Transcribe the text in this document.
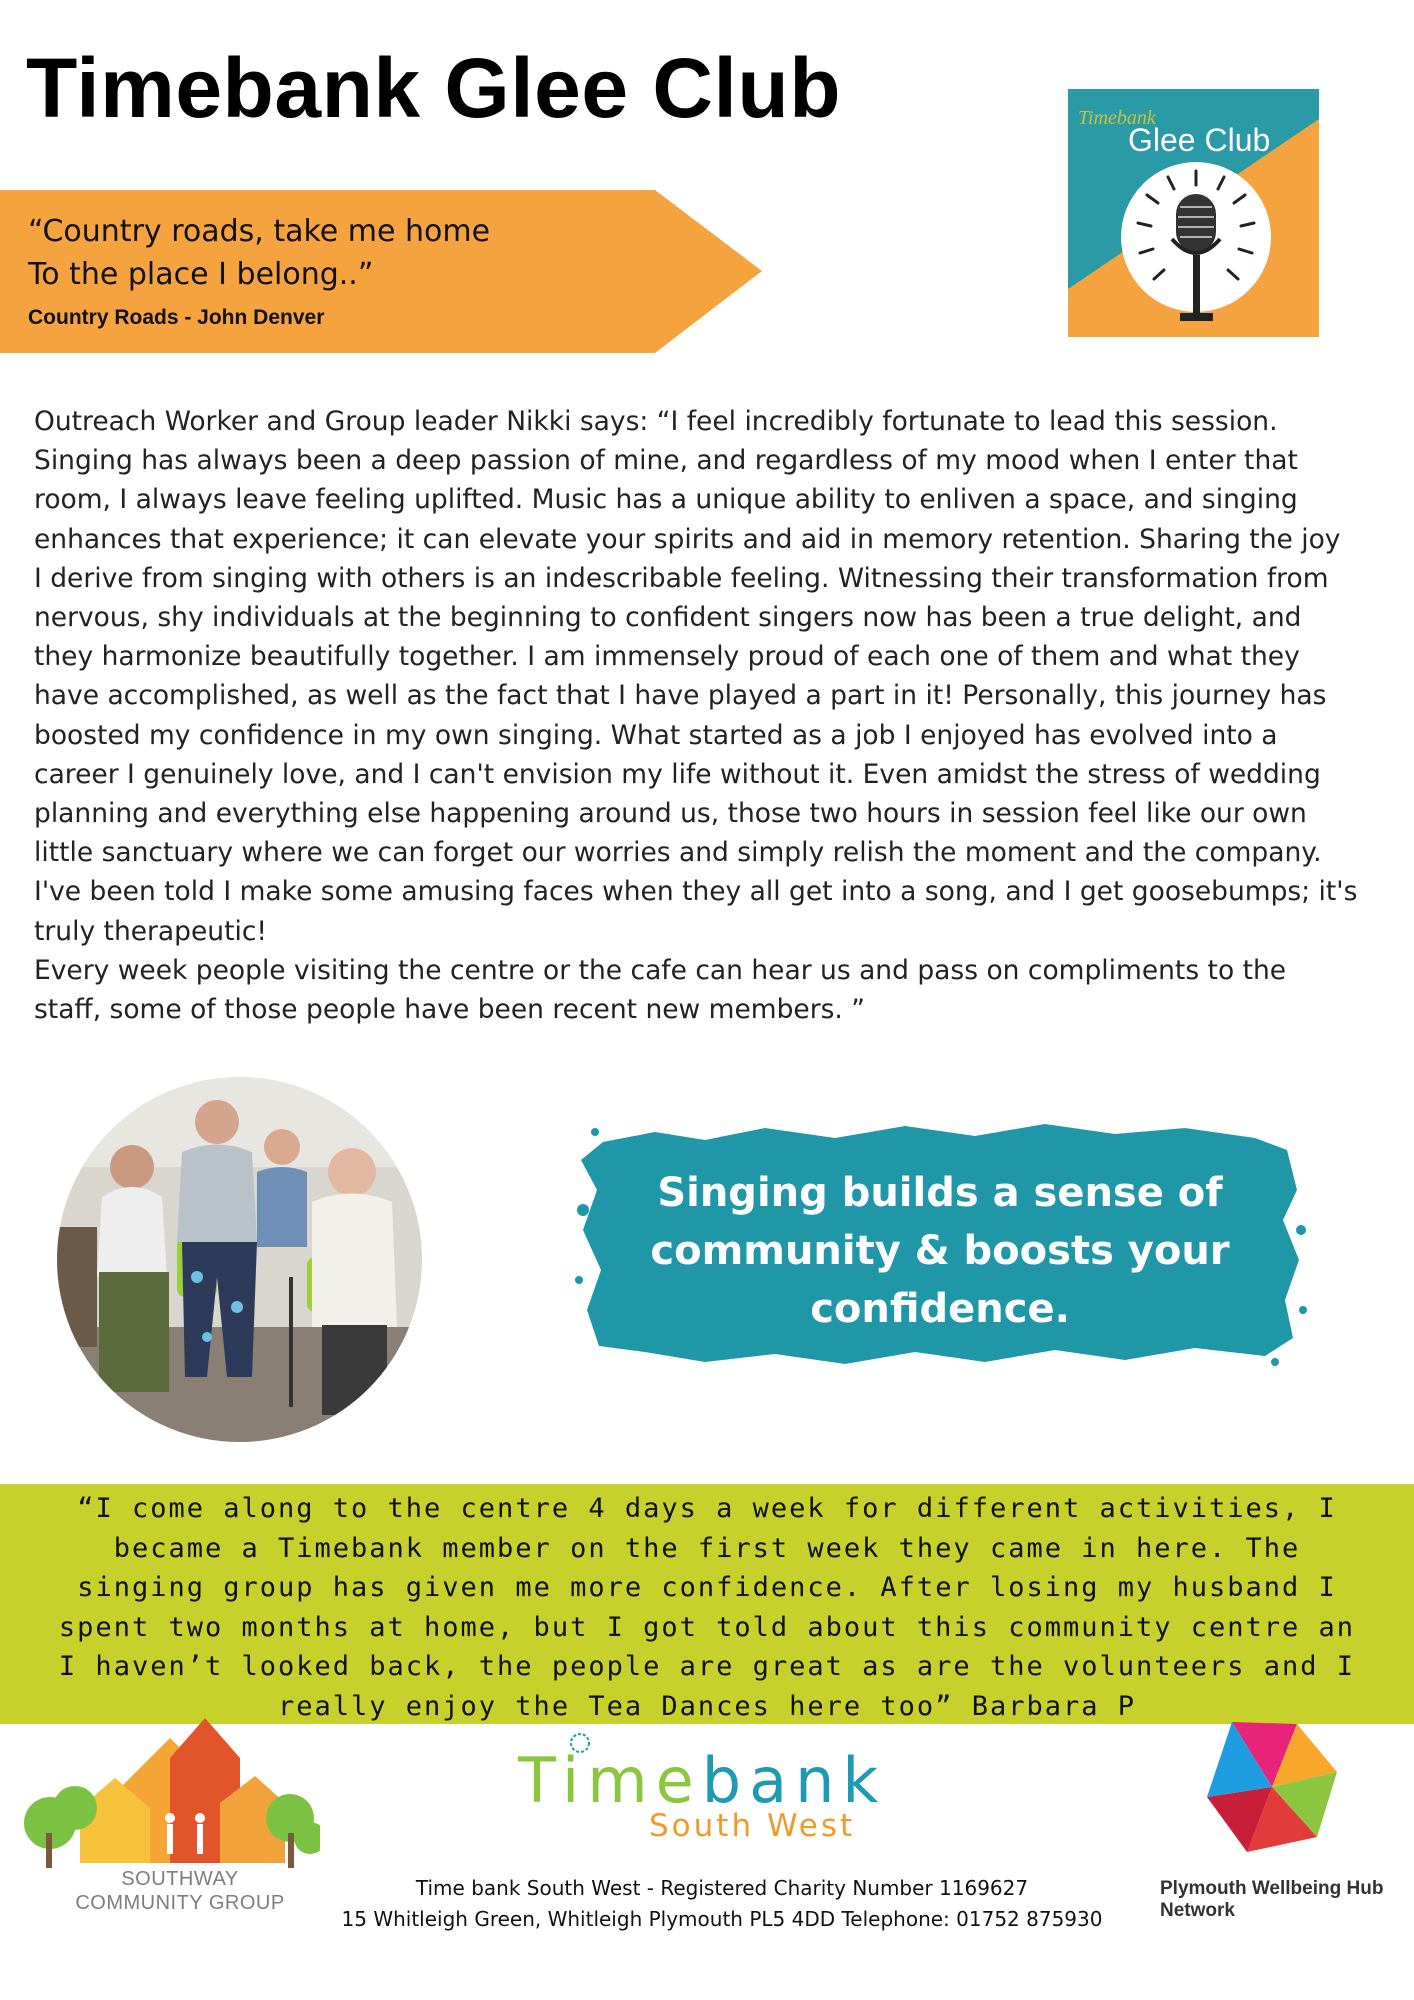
Timebank Glee Club
“Country roads, take me home
To the place I belong..”
Country Roads - John Denver
Timebank
Glee Club
Outreach Worker and Group leader Nikki says: “I feel incredibly fortunate to lead this session.
Singing has always been a deep passion of mine, and regardless of my mood when I enter that
room, I always leave feeling uplifted. Music has a unique ability to enliven a space, and singing
enhances that experience; it can elevate your spirits and aid in memory retention. Sharing the joy
I derive from singing with others is an indescribable feeling. Witnessing their transformation from
nervous, shy individuals at the beginning to confident singers now has been a true delight, and
they harmonize beautifully together. I am immensely proud of each one of them and what they
have accomplished, as well as the fact that I have played a part in it! Personally, this journey has
boosted my confidence in my own singing. What started as a job I enjoyed has evolved into a
career I genuinely love, and I can't envision my life without it. Even amidst the stress of wedding
planning and everything else happening around us, those two hours in session feel like our own
little sanctuary where we can forget our worries and simply relish the moment and the company.
I've been told I make some amusing faces when they all get into a song, and I get goosebumps; it's
truly therapeutic!
Every week people visiting the centre or the cafe can hear us and pass on compliments to the
staff, some of those people have been recent new members. ”
Singing builds a sense of community & boosts your confidence.
“I come along to the centre 4 days a week for different activities, I
became a Timebank member on the first week they came in here. The
singing group has given me more confidence. After losing my husband I
spent two months at home, but I got told about this community centre an
I haven’t looked back, the people are great as are the volunteers and I
really enjoy the Tea Dances here too” Barbara P
SOUTHWAY COMMUNITY GROUP
Timebank
South West
Plymouth Wellbeing Hub Network
Time bank South West - Registered Charity Number 1169627
15 Whitleigh Green, Whitleigh Plymouth PL5 4DD Telephone: 01752 875930
